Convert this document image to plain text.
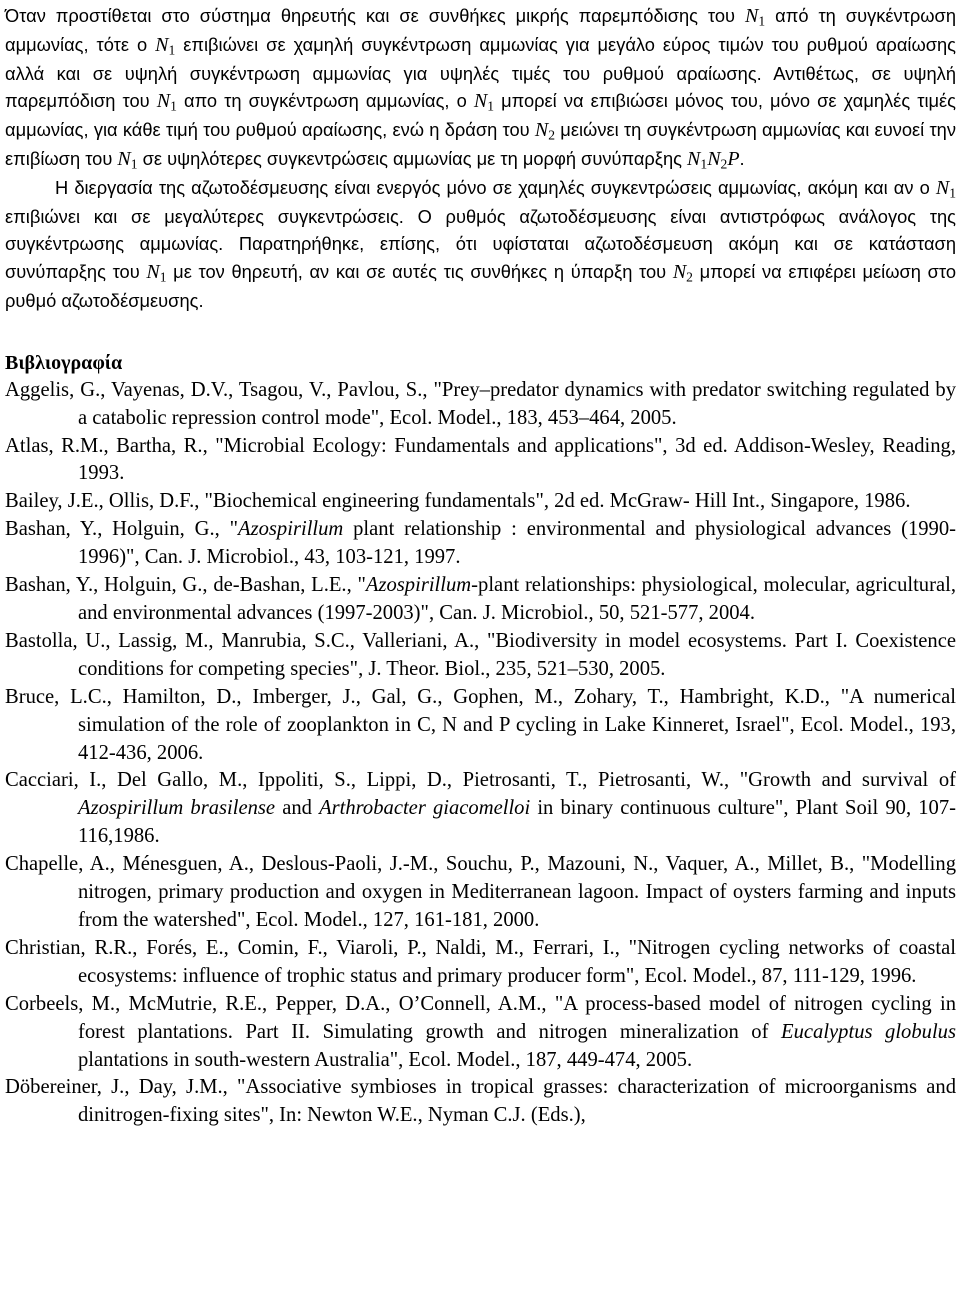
Όταν προστίθεται στο σύστημα θηρευτής και σε συνθήκες μικρής παρεμπόδισης του $N_1$ από τη συγκέντρωση αμμωνίας, τότε ο $N_1$ επιβιώνει σε χαμηλή συγκέντρωση αμμωνίας για μεγάλο εύρος τιμών του ρυθμού αραίωσης αλλά και σε υψηλή συγκέντρωση αμμωνίας για υψηλές τιμές του ρυθμού αραίωσης. Αντιθέτως, σε υψηλή παρεμπόδιση του $N_1$ απο τη συγκέντρωση αμμωνίας, ο $N_1$ μπορεί να επιβιώσει μόνος του, μόνο σε χαμηλές τιμές αμμωνίας, για κάθε τιμή του ρυθμού αραίωσης, ενώ η δράση του $N_2$ μειώνει τη συγκέντρωση αμμωνίας και ευνοεί την επιβίωση του $N_1$ σε υψηλότερες συγκεντρώσεις αμμωνίας με τη μορφή συνύπαρξης $N_1N_2P$.

Η διεργασία της αζωτοδέσμευσης είναι ενεργός μόνο σε χαμηλές συγκεντρώσεις αμμωνίας, ακόμη και αν ο $N_1$ επιβιώνει και σε μεγαλύτερες συγκεντρώσεις. Ο ρυθμός αζωτοδέσμευσης είναι αντιστρόφως ανάλογος της συγκέντρωσης αμμωνίας. Παρατηρήθηκε, επίσης, ότι υφίσταται αζωτοδέσμευση ακόμη και σε κατάσταση συνύπαρξης του $N_1$ με τον θηρευτή, αν και σε αυτές τις συνθήκες η ύπαρξη του $N_2$ μπορεί να επιφέρει μείωση στο ρυθμό αζωτοδέσμευσης.

Βιβλιογραφία

Aggelis, G., Vayenas, D.V., Tsagou, V., Pavlou, S., "Prey–predator dynamics with predator switching regulated by a catabolic repression control mode", Ecol. Model., 183, 453–464, 2005.

Atlas, R.M., Bartha, R., "Microbial Ecology: Fundamentals and applications", 3d ed. Addison-Wesley, Reading, 1993.

Bailey, J.E., Ollis, D.F., "Biochemical engineering fundamentals", 2d ed. McGraw- Hill Int., Singapore, 1986.

Bashan, Y., Holguin, G., "Azospirillum plant relationship : environmental and physiological advances (1990-1996)", Can. J. Microbiol., 43, 103-121, 1997.

Bashan, Y., Holguin, G., de-Bashan, L.E., "Azospirillum-plant relationships: physiological, molecular, agricultural, and environmental advances (1997-2003)", Can. J. Microbiol., 50, 521-577, 2004.

Bastolla, U., Lassig, M., Manrubia, S.C., Valleriani, A., "Biodiversity in model ecosystems. Part I. Coexistence conditions for competing species", J. Theor. Biol., 235, 521–530, 2005.

Bruce, L.C., Hamilton, D., Imberger, J., Gal, G., Gophen, M., Zohary, T., Hambright, K.D., "A numerical simulation of the role of zooplankton in C, N and P cycling in Lake Kinneret, Israel", Ecol. Model., 193, 412-436, 2006.

Cacciari, I., Del Gallo, M., Ippoliti, S., Lippi, D., Pietrosanti, T., Pietrosanti, W., "Growth and survival of Azospirillum brasilense and Arthrobacter giacomelloi in binary continuous culture", Plant Soil 90, 107-116,1986.

Chapelle, A., Ménesguen, A., Deslous-Paoli, J.-M., Souchu, P., Mazouni, N., Vaquer, A., Millet, B., "Modelling nitrogen, primary production and oxygen in Mediterranean lagoon. Impact of oysters farming and inputs from the watershed", Ecol. Model., 127, 161-181, 2000.

Christian, R.R., Forés, E., Comin, F., Viaroli, P., Naldi, M., Ferrari, I., "Nitrogen cycling networks of coastal ecosystems: influence of trophic status and primary producer form", Ecol. Model., 87, 111-129, 1996.

Corbeels, M., McMutrie, R.E., Pepper, D.A., O’Connell, A.M., "A process-based model of nitrogen cycling in forest plantations. Part II. Simulating growth and nitrogen mineralization of Eucalyptus globulus plantations in south-western Australia", Ecol. Model., 187, 449-474, 2005.

Döbereiner, J., Day, J.M., "Associative symbioses in tropical grasses: characterization of microorganisms and dinitrogen-fixing sites", In: Newton W.E., Nyman C.J. (Eds.),
